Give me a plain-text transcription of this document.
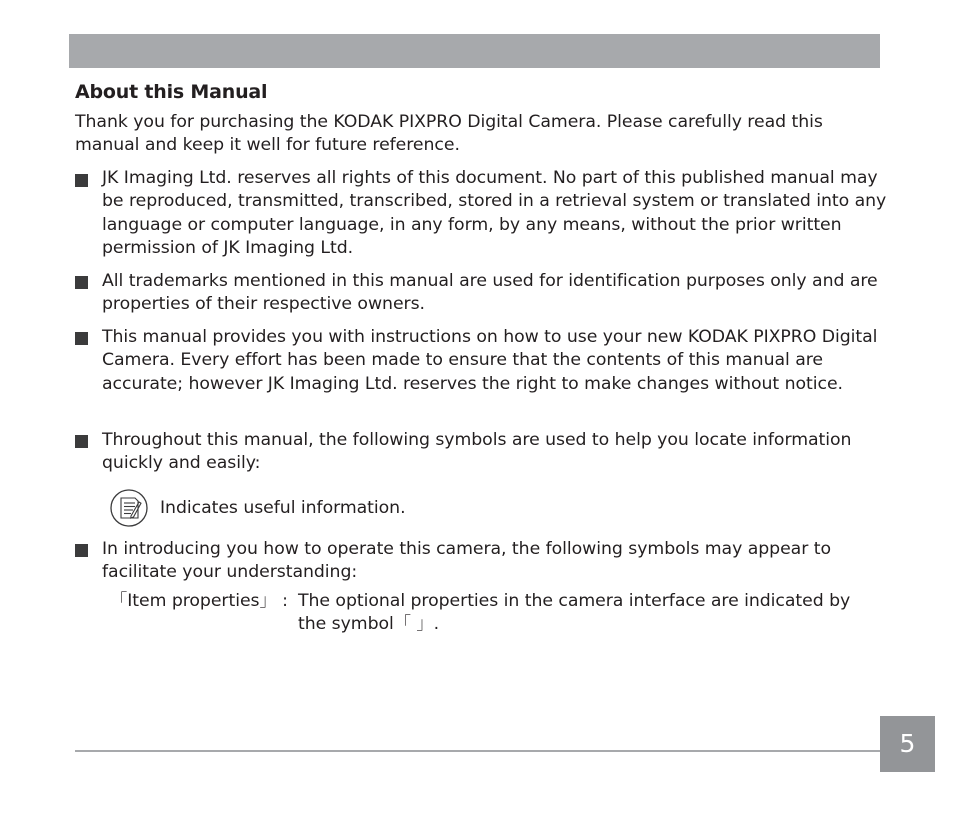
About this Manual
Thank you for purchasing the KODAK PIXPRO Digital Camera. Please carefully read this manual and keep it well for future reference.
JK Imaging Ltd. reserves all rights of this document. No part of this published manual may be reproduced, transmitted, transcribed, stored in a retrieval system or translated into any language or computer language, in any form, by any means, without the prior written permission of JK Imaging Ltd.
All trademarks mentioned in this manual are used for identification purposes only and are properties of their respective owners.
This manual provides you with instructions on how to use your new KODAK PIXPRO Digital Camera. Every effort has been made to ensure that the contents of this manual are accurate; however JK Imaging Ltd. reserves the right to make changes without notice.
Throughout this manual, the following symbols are used to help you locate information quickly and easily:
Indicates useful information.
In introducing you how to operate this camera, the following symbols may appear to facilitate your understanding:
「Item properties」 : The optional properties in the camera interface are indicated by the symbol「 」.
5
